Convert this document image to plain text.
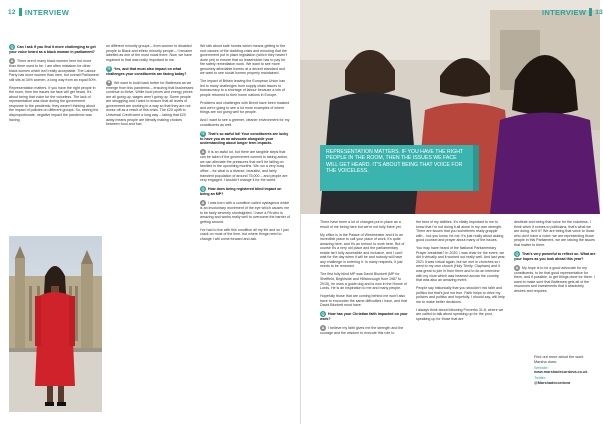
12 INTERVIEW

Q Can I ask if you find it more challenging to get your voice heard as a black woman in parliament?

A There aren't many black women here but more than there used to be. I am often mistaken for other black women which isn't really acceptable. The Labour Party has more women than men, but overall Parliament still sits at 34% women, a long way from an equal 50%.

Representation matters. If you have the right people in the room, then the issues we face will get heard. It's about being that voice for the voiceless. The lack of representation was clear during the government response to the pandemic; they weren't thinking about the impact of policies on different groups. So, seeing the disproportionate, negative impact the pandemic was having

on different minority groups – from women to disabled people to Black and ethnic minority people – I became labelled as one of the most vocal there. Now, we have regained to that was really important to me.

Q Yes, and that must also impact on what challenges your constituents are facing today?

A We want to build back better for Battersea as we emerge from this pandemic – ensuring that businesses continue to thrive. While food prices and energy prices are all going up, wages aren't going up. Some people are struggling and I want to ensure that all levels of government are working in a way so that they are not worse off as a result of this crisis. The £20 uplift to Universal Credit went a long way – taking that £20 away means people are literally making choices between food and fuel.

We talk about safe homes which means getting to the root causes of the cladding crisis and ensuring that the government put in place legislation (which they haven't done yet) to ensure that no leaseholder has to pay for fire safety remediation work. We want to see more genuinely affordable homes at a decent standard and we want to see social homes properly maintained.

The impact of Britain leaving the European Union has led to many challenges from supply chain issues to bureaucracy to a shortage of labour because a lots of people returned to their home nations in Europe.

Problems and challenges with Brexit have been masked and we're going to see a lot more examples of where things are not going well for people.

And I want to see a greener, cleaner environment for my constituents as well.

Q That's so awful lot! Your constituents are lucky to have you as an advocate alongside your understanding about longer term impacts.

A It is an awful lot, but there are tangible steps that can be taken if the government commit to taking action, we can alleviate the pressures that we'll be falling on families in the upcoming months. We run a very busy office – for what is a diverse, beautiful, and fairly transient population of around 75,000 – and people are very engaged. I wouldn't change it for the world.

Q How does being registered blind impact on being an MP?

A I was born with a condition called nystagmus which is an involuntary movement of the eye which causes me to be fairly severely shortsighted. I have a PA who is amazing and works really well to overcome the barrier of getting around.

I've had to live with this condition all my life and so I just crack on most of the time, but where things need to change I will come forward and ask.

INTERVIEW 13
REPRESENTATION MATTERS. IF YOU HAVE THE RIGHT PEOPLE IN THE ROOM, THEN THE ISSUES WE FACE WILL GET HEARD. IT'S ABOUT BEING THAT VOICE FOR THE VOICELESS.

There have been a lot of changes put in place as a result of me being here but we're not fully there yet.

My office is in the Palace of Westminster and it is an incredible place to call your place of work, it's quite amazing here, and it's an honour to work here. But of course it's a very old place and the parliamentary estate isn't fully accessible and inclusive, and I can't wait for the day when it will be and nobody will have any challenge in entering it. In many respects, it just needs to be renewed.

The first fully blind MP was David Blunkett (MP for Sheffield, Brightside and Hillsborough from 1987 to 2015), he uses a guide dog and is now in the House of Lords. He is an inspiration to me and many people.

Hopefully those that are coming behind me won't also have to encounter the same difficulties I have, and that David Blunkett must have.

Q How has your Christian faith impacted on your work?

A I believe my faith gives me the strength and the courage and the wisdom to execute this role to

the best of my abilities. It's vitally important to me to know that I'm not doing it all alone in my own strength. There are issues that you sometimes really grapple with... but you know, for me, it's just really about asking good counsel and prayer about many of the issues.

You may have heard of the National Parliamentary Prayer breakfast? In 2020, I was chair for the event, we did it virtually and it worked out really well. And last year, 2021 it was virtual again, but we met in churches so I went to my own church (Holy Trinity, Clapham) and it was great to join in from there and to do an interview with my vicar which was beamed across the country, that was also an amazing event.

People say historically that you shouldn't mix faith and politics but that's just not true. Faith helps to drive my policies and politics and hopefully, I should say, will help me to make better decisions.

I always think about following Proverbs 31:8, where we are called to talk about speaking up for the poor, speaking up for those that are

destitute and being that voice for the voiceless. I think when it comes to politicians, that's what we are doing, isn't it? We are being that voice to those who don't have a voice: we are representing those people in this Parliament, we are raising the issues that matter to them.

Q That's very powerful to reflect on. What are your hopes as you look ahead this year?

A My hope is to be a good advocate for my constituents, to be that good representative for them, and if possible, to get things done for them. I want to make sure that Battersea gets all of the resources and investments that it absolutely desires and requires.

Find out more about the work Marsha does:
Website:
www.marshadecordova.co.uk
Twitter:
@Marshadecordova
